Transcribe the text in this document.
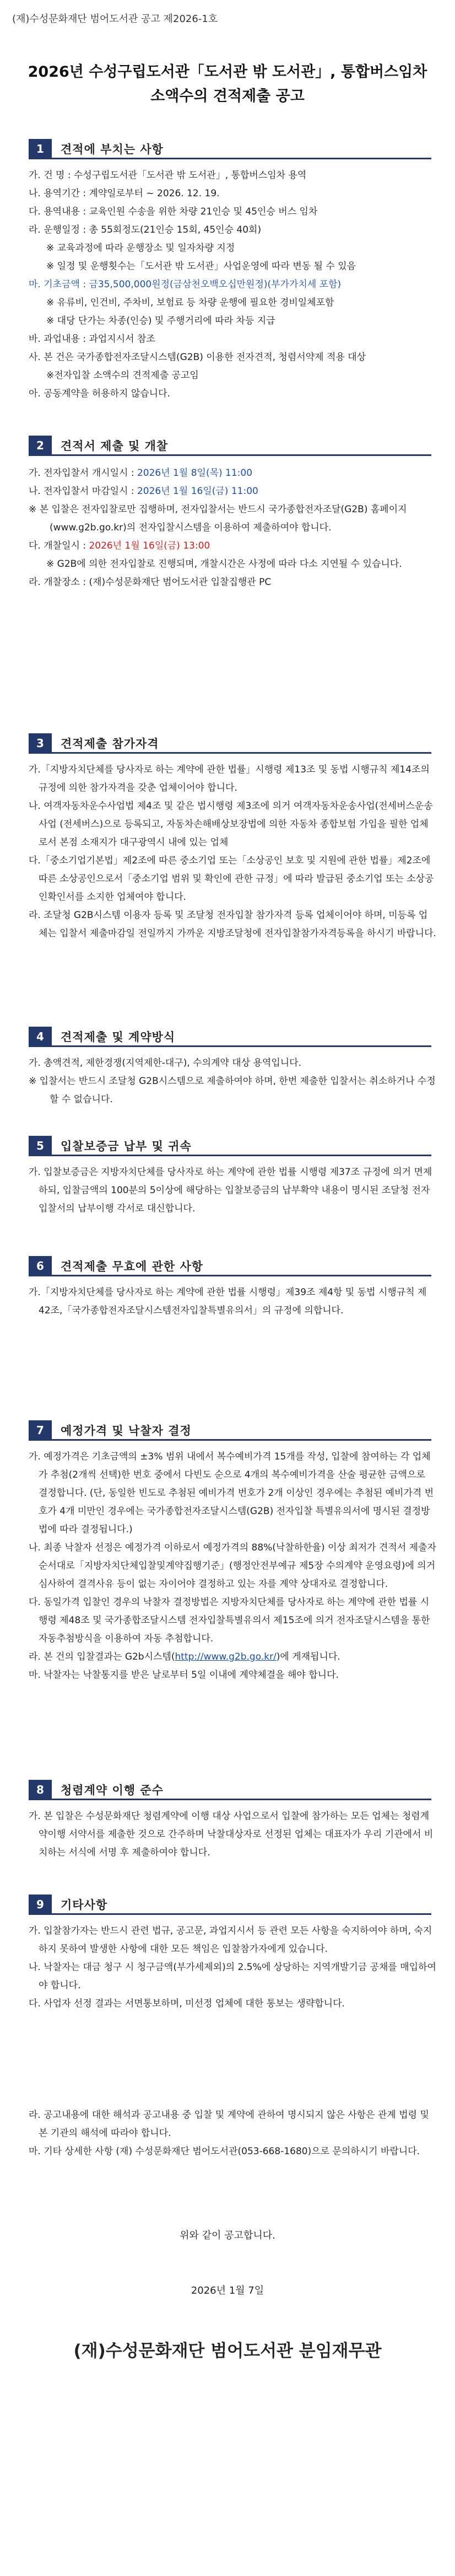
(재)수성문화재단 범어도서관 공고 제2026-1호
2026년 수성구립도서관「도서관 밖 도서관」, 통합버스임차
소액수의 견적제출 공고
1	견적에 부치는 사항

가. 건 명 : 수성구립도서관「도서관 밖 도서관」, 통합버스임차 용역

나. 용역기간 : 계약일로부터 ~ 2026. 12. 19.

다. 용역내용 : 교육인원 수송을 위한 차량 21인승 및 45인승 버스 임차

라. 운행일정 : 총 55회정도(21인승 15회, 45인승 40회)

※ 교육과정에 따라 운행장소 및 일자차량 지정

※ 일정 및 운행횟수는「도서관 밖 도서관」사업운영에 따라 변동 될 수 있음

마. 기초금액 : 금35,500,000원정(금삼천오백오십만원정)(부가가치세 포함)

※ 유류비, 인건비, 주차비, 보험료 등 차량 운행에 필요한 경비일체포함

※ 대당 단가는 차종(인승) 및 주행거리에 따라 차등 지급

바. 과업내용 : 과업지시서 참조

사. 본 건은 국가종합전자조달시스템(G2B) 이용한 전자견적, 청렴서약제 적용 대상

※전자입찰 소액수의 견적제출 공고임

아. 공동계약을 허용하지 않습니다.

2	견적서 제출 및 개찰

가. 전자입찰서 개시일시 : 2026년 1월 8일(목) 11:00

나. 전자입찰서 마감일시 : 2026년 1월 16일(금) 11:00

※ 본 입찰은 전자입찰로만 집행하며, 전자입찰서는 반드시 국가종합전자조달(G2B) 홈페이지(www.g2b.go.kr)의 전자입찰시스템을 이용하여 제출하여야 합니다.

다. 개찰일시 : 2026년 1월 16일(금) 13:00

※ G2B에 의한 전자입찰로 진행되며, 개찰시간은 사정에 따라 다소 지연될 수 있습니다.

라. 개찰장소 : (재)수성문화재단 범어도서관 입찰집행관 PC

3	견적제출 참가자격

가.「지방자치단체를 당사자로 하는 계약에 관한 법률」시행령 제13조 및 동법 시행규칙 제14조의 규정에 의한 참가자격을 갖춘 업체이어야 합니다.

나. 여객자동차운수사업법 제4조 및 같은 법시행령 제3조에 의거 여객자동차운송사업(전세버스운송사업 (전세버스)으로 등록되고, 자동차손해배상보장법에 의한 자동차 종합보험 가입을 필한 업체로서 본점 소재지가 대구광역시 내에 있는 업체

다.「중소기업기본법」제2조에 따른 중소기업 또는「소상공인 보호 및 지원에 관한 법률」제2조에 따른 소상공인으로서「중소기업 범위 및 확인에 관한 규정」에 따라 발급된 중소기업 또는 소상공인확인서를 소지한 업체여야 합니다.

라. 조달청 G2B시스템 이용자 등록 및 조달청 전자입찰 참가자격 등록 업체이어야 하며, 미등록 업체는 입찰서 제출마감일 전일까지 가까운 지방조달청에 전자입찰참가자격등록을 하시기 바랍니다.

4	견적제출 및 계약방식

가. 총액견적, 제한경쟁(지역제한-대구), 수의계약 대상 용역입니다.

※ 입찰서는 반드시 조달청 G2B시스템으로 제출하여야 하며, 한번 제출한 입찰서는 취소하거나 수정할 수 없습니다.

5	입찰보증금 납부 및 귀속

가. 입찰보증금은 지방자치단체를 당사자로 하는 계약에 관한 법률 시행령 제37조 규정에 의거 면제하되, 입찰금액의 100분의 5이상에 해당하는 입찰보증금의 납부확약 내용이 명시된 조달청 전자입찰서의 납부이행 각서로 대신합니다.

6	견적제출 무효에 관한 사항

가.「지방자치단체를 당사자로 하는 계약에 관한 법률 시행령」제39조 제4항 및 동법 시행규칙 제42조,「국가종합전자조달시스템전자입찰특별유의서」의 규정에 의합니다.

7	예정가격 및 낙찰자 결정

가. 예정가격은 기초금액의 ±3% 범위 내에서 복수예비가격 15개를 작성, 입찰에 참여하는 각 업체가 추첨(2개씩 선택)한 번호 중에서 다빈도 순으로 4개의 복수예비가격을 산술 평균한 금액으로 결정합니다. (단, 동일한 빈도로 추첨된 예비가격 번호가 2개 이상인 경우에는 추첨된 예비가격 번호가 4개 미만인 경우에는 국가종합전자조달시스템(G2B) 전자입찰 특별유의서에 명시된 결정방법에 따라 결정됩니다.)

나. 최종 낙찰자 선정은 예정가격 이하로서 예정가격의 88%(낙찰하한율) 이상 최저가 견적서 제출자 순서대로「지방자치단체입찰및계약집행기준」(행정안전부예규 제5장 수의계약 운영요령)에 의거 심사하여 결격사유 등이 없는 자이어야 결정하고 있는 자를 계약 상대자로 결정합니다.

다. 동일가격 입찰인 경우의 낙찰자 결정방법은 지방자치단체를 당사자로 하는 계약에 관한 법률 시행령 제48조 및 국가종합조달시스템 전자입찰특별유의서 제15조에 의거 전자조달시스템을 통한 자동추첨방식을 이용하여 자동 추첨합니다.

라. 본 건의 입찰결과는 G2b시스템(http://www.g2b.go.kr/)에 게재됩니다.

마. 낙찰자는 낙찰통지를 받은 날로부터 5일 이내에 계약체결을 해야 합니다.

8	청렴계약 이행 준수

가. 본 입찰은 수성문화재단 청렴계약에 이행 대상 사업으로서 입찰에 참가하는 모든 업체는 청렴계약이행 서약서를 제출한 것으로 간주하며 낙찰대상자로 선정된 업체는 대표자가 우리 기관에서 비치하는 서식에 서명 후 제출하여야 합니다.

9	기타사항

가. 입찰참가자는 반드시 관련 법규, 공고문, 과업지시서 등 관련 모든 사항을 숙지하여야 하며, 숙지하지 못하여 발생한 사항에 대한 모든 책임은 입찰참가자에게 있습니다.

나. 낙찰자는 대금 청구 시 청구금액(부가세제외)의 2.5%에 상당하는 지역개발기금 공채를 매입하여야 합니다.

다. 사업자 선정 결과는 서면통보하며, 미선정 업체에 대한 통보는 생략합니다.

라. 공고내용에 대한 해석과 공고내용 중 입찰 및 계약에 관하여 명시되지 않은 사항은 관계 법령 및 본 기관의 해석에 따라야 합니다.

마. 기타 상세한 사항 (재) 수성문화재단 범어도서관(053-668-1680)으로 문의하시기 바랍니다.

위와 같이 공고합니다.
2026년 1월 7일
(재)수성문화재단 범어도서관 분임재무관
